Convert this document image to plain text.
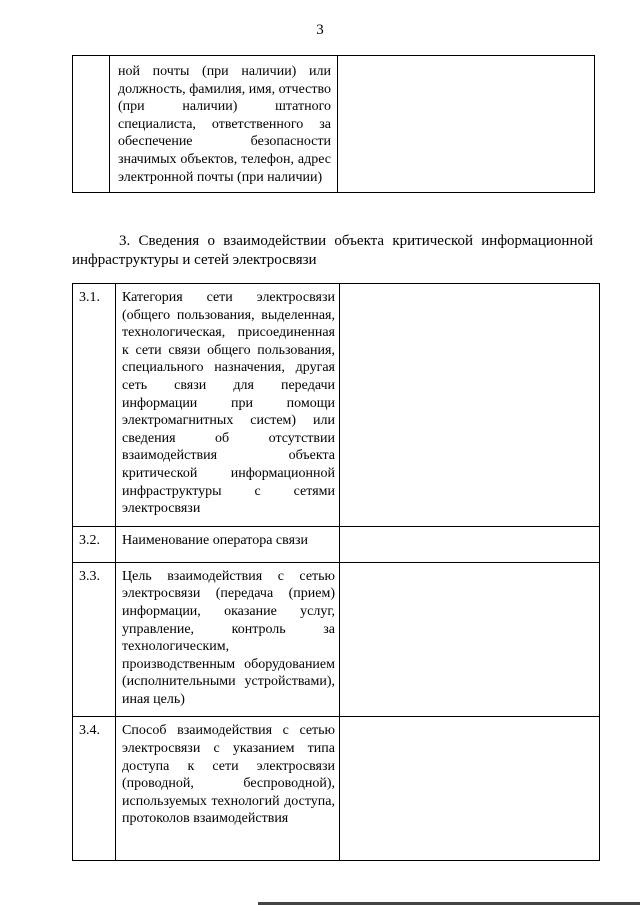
3

ной почты (при наличии) или должность, фамилия, имя, отчество (при наличии) штатного специалиста, ответственного за обеспечение безопасности значимых объектов, телефон, адрес электронной почты (при наличии)

3. Сведения о взаимодействии объекта критической информационной инфраструктуры и сетей электросвязи
3.1.	Категория сети электросвязи (общего пользования, выделенная, технологическая, присоединенная к сети связи общего пользования, специального назначения, другая сеть связи для передачи информации при помощи электромагнитных систем) или сведения об отсутствии взаимодействия объекта критической информационной инфраструктуры с сетями электросвязи	

3.2.	Наименование оператора связи	

3.3.	Цель взаимодействия с сетью электросвязи (передача (прием) информации, оказание услуг, управление, контроль за технологическим, производственным оборудованием (исполнительными устройствами), иная цель)	

3.4.	Способ взаимодействия с сетью электросвязи с указанием типа доступа к сети электросвязи (проводной, беспроводной), используемых технологий доступа, протоколов взаимодействия	
